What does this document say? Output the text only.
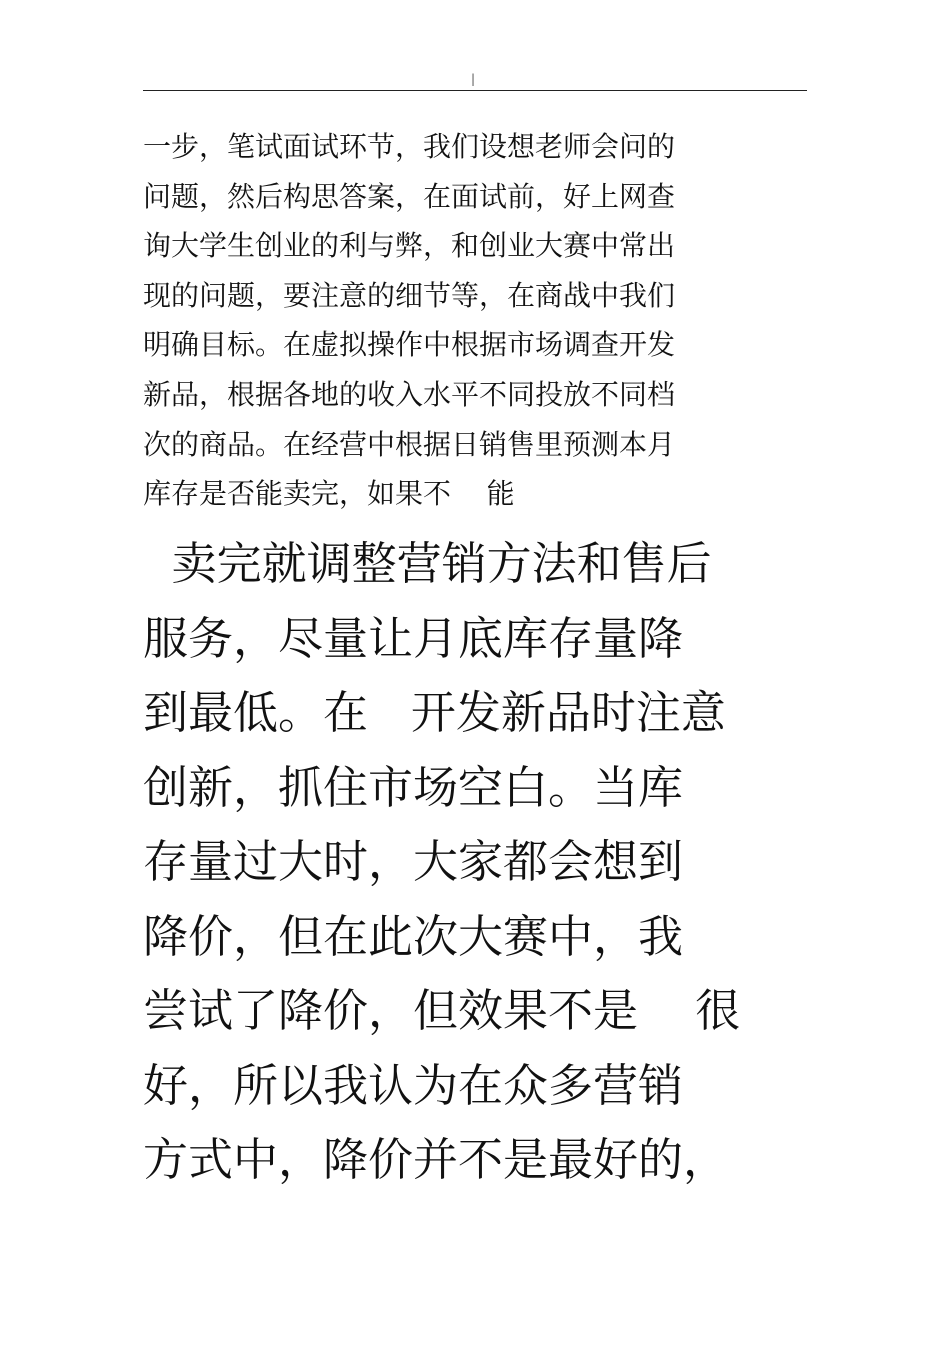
|
一步，笔试面试环节，我们设想老师会问的
问题，然后构思答案，在面试前，好上网查
询大学生创业的利与弊，和创业大赛中常出
现的问题，要注意的细节等，在商战中我们
明确目标。在虚拟操作中根据市场调查开发
新品，根据各地的收入水平不同投放不同档
次的商品。在经营中根据日销售里预测本月
库存是否能卖完，如果不    能
卖完就调整营销方法和售后
服务，尽量让月底库存量降
到最低。在   开发新品时注意
创新，抓住市场空白。当库
存量过大时，大家都会想到
降价，但在此次大赛中，我
尝试了降价，但效果不是    很
好，所以我认为在众多营销
方式中，降价并不是最好的，
